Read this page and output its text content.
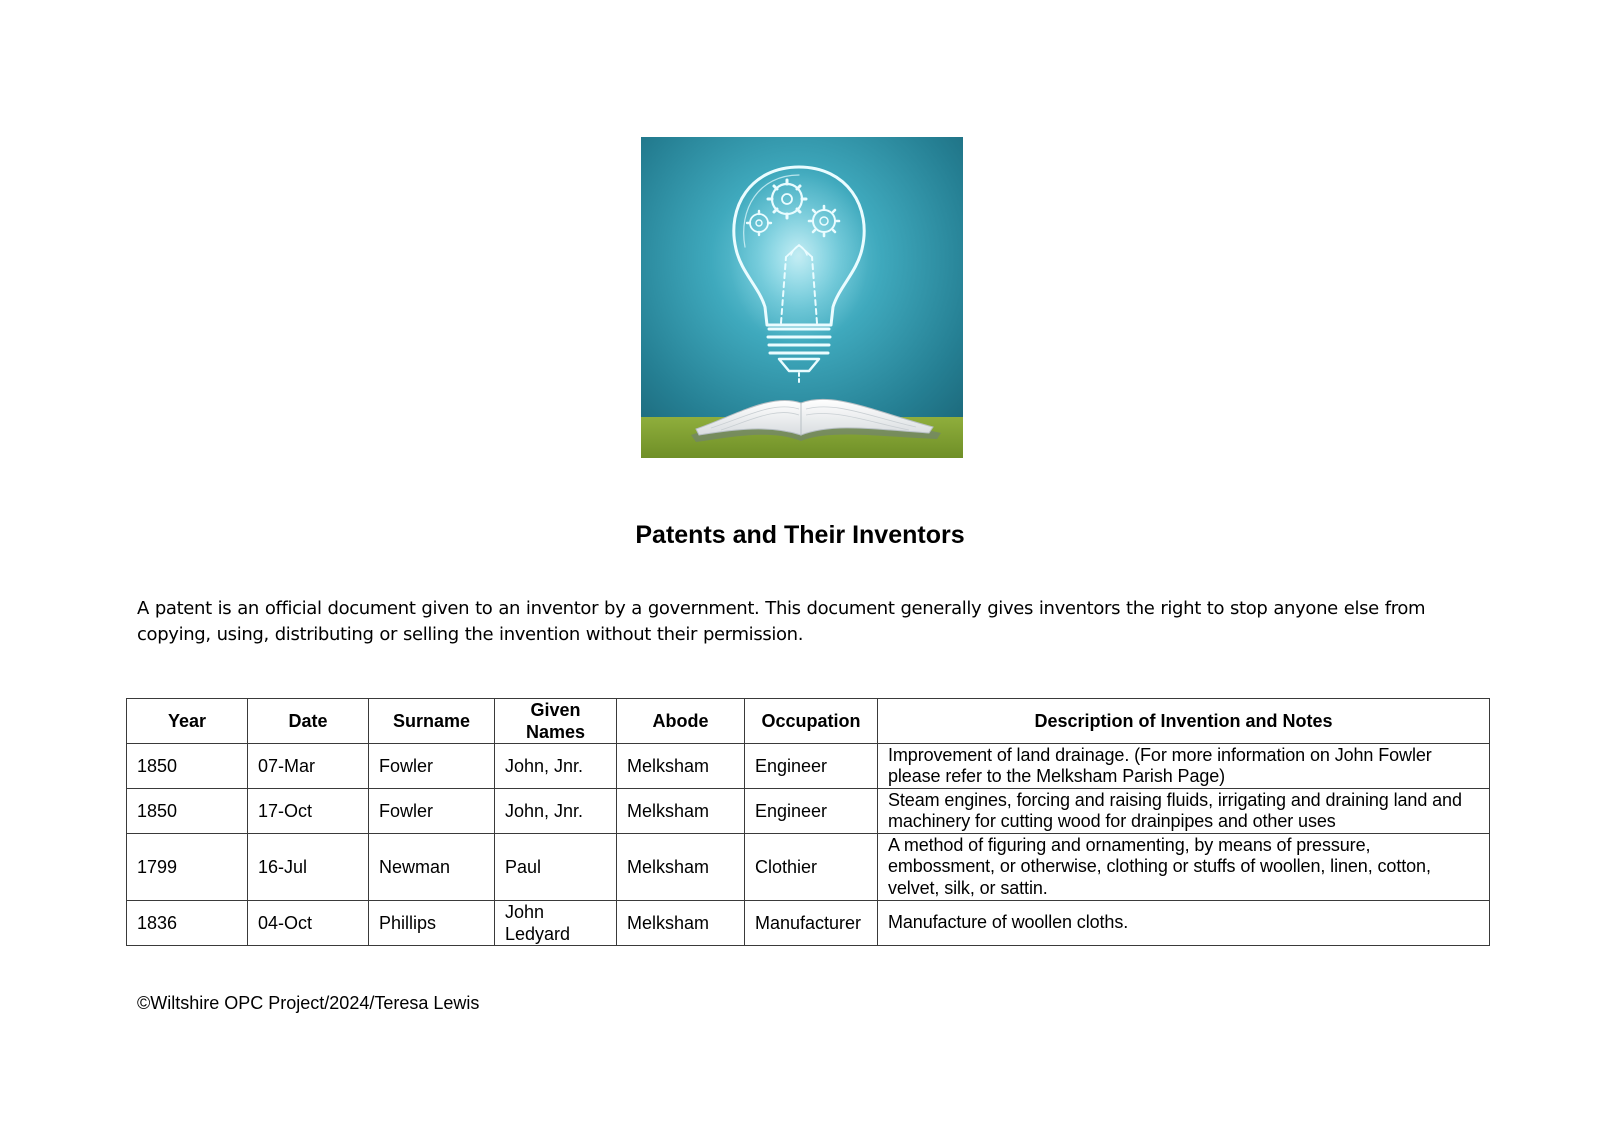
Patents and Their Inventors
A patent is an official document given to an inventor by a government. This document generally gives inventors the right to stop anyone else from copying, using, distributing or selling the invention without their permission.
Year	Date	Surname	Given Names	Abode	Occupation	Description of Invention and Notes
1850	07-Mar	Fowler	John, Jnr.	Melksham	Engineer	Improvement of land drainage. (For more information on John Fowler please refer to the Melksham Parish Page)
1850	17-Oct	Fowler	John, Jnr.	Melksham	Engineer	Steam engines, forcing and raising fluids, irrigating and draining land and machinery for cutting wood for drainpipes and other uses
1799	16-Jul	Newman	Paul	Melksham	Clothier	A method of figuring and ornamenting, by means of pressure, embossment, or otherwise, clothing or stuffs of woollen, linen, cotton, velvet, silk, or sattin.
1836	04-Oct	Phillips	John Ledyard	Melksham	Manufacturer	Manufacture of woollen cloths.
©Wiltshire OPC Project/2024/Teresa Lewis
